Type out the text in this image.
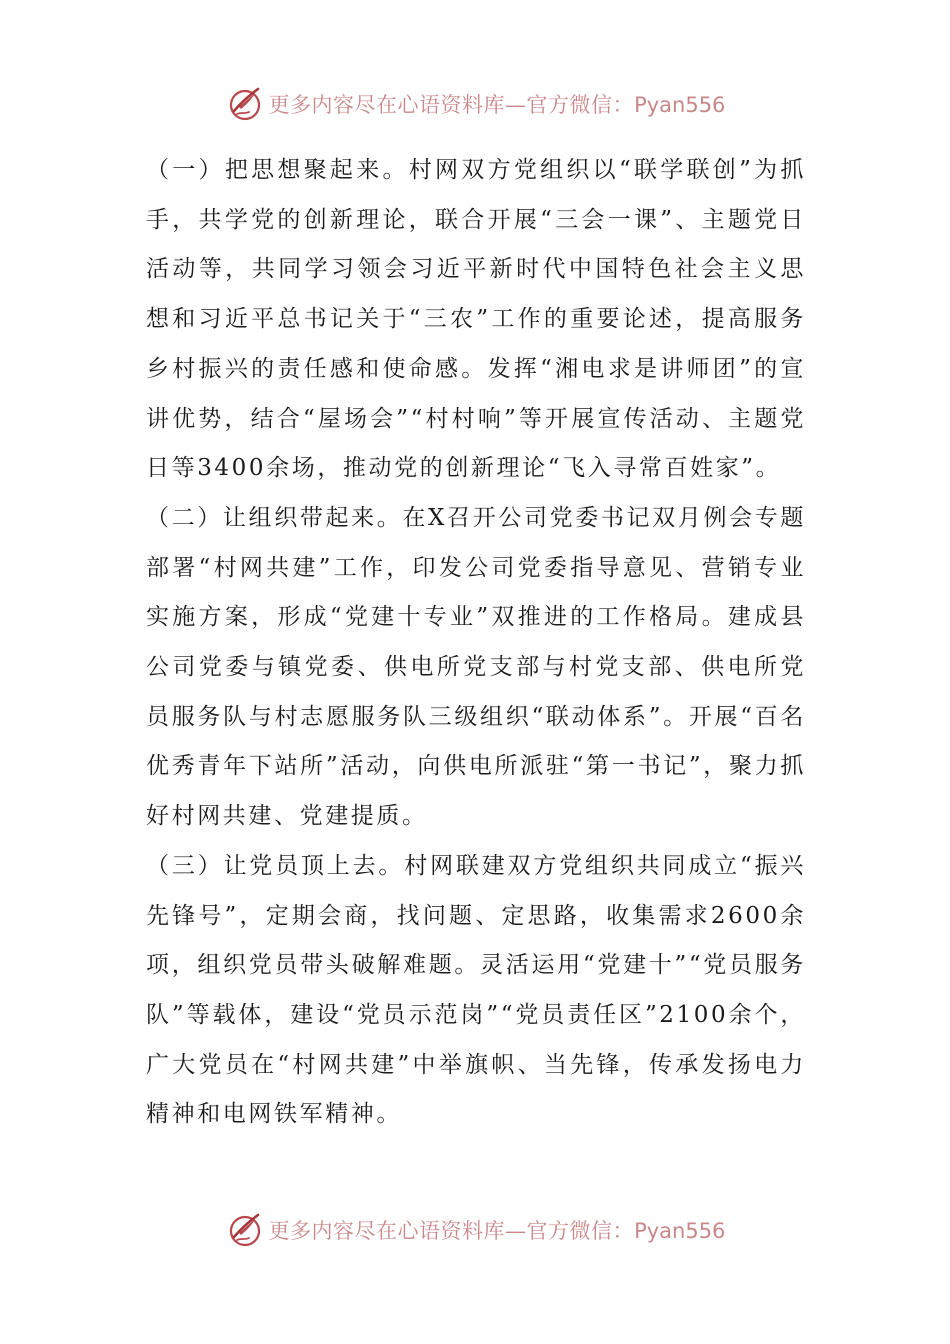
更多内容尽在心语资料库—官方微信：Pyan556

（一）把思想聚起来。村网双方党组织以“联学联创”为抓手，共学党的创新理论，联合开展“三会一课”、主题党日活动等，共同学习领会习近平新时代中国特色社会主义思想和习近平总书记关于“三农”工作的重要论述，提高服务乡村振兴的责任感和使命感。发挥“湘电求是讲师团”的宣讲优势，结合“屋场会”“村村响”等开展宣传活动、主题党日等3400余场，推动党的创新理论“飞入寻常百姓家”。

（二）让组织带起来。在X召开公司党委书记双月例会专题部署“村网共建”工作，印发公司党委指导意见、营销专业实施方案，形成“党建十专业”双推进的工作格局。建成县公司党委与镇党委、供电所党支部与村党支部、供电所党员服务队与村志愿服务队三级组织“联动体系”。开展“百名优秀青年下站所”活动，向供电所派驻“第一书记”，聚力抓好村网共建、党建提质。

（三）让党员顶上去。村网联建双方党组织共同成立“振兴先锋号”，定期会商，找问题、定思路，收集需求2600余项，组织党员带头破解难题。灵活运用“党建十”“党员服务队”等载体，建设“党员示范岗”“党员责任区”2100余个，广大党员在“村网共建”中举旗帜、当先锋，传承发扬电力精神和电网铁军精神。

更多内容尽在心语资料库—官方微信：Pyan556
